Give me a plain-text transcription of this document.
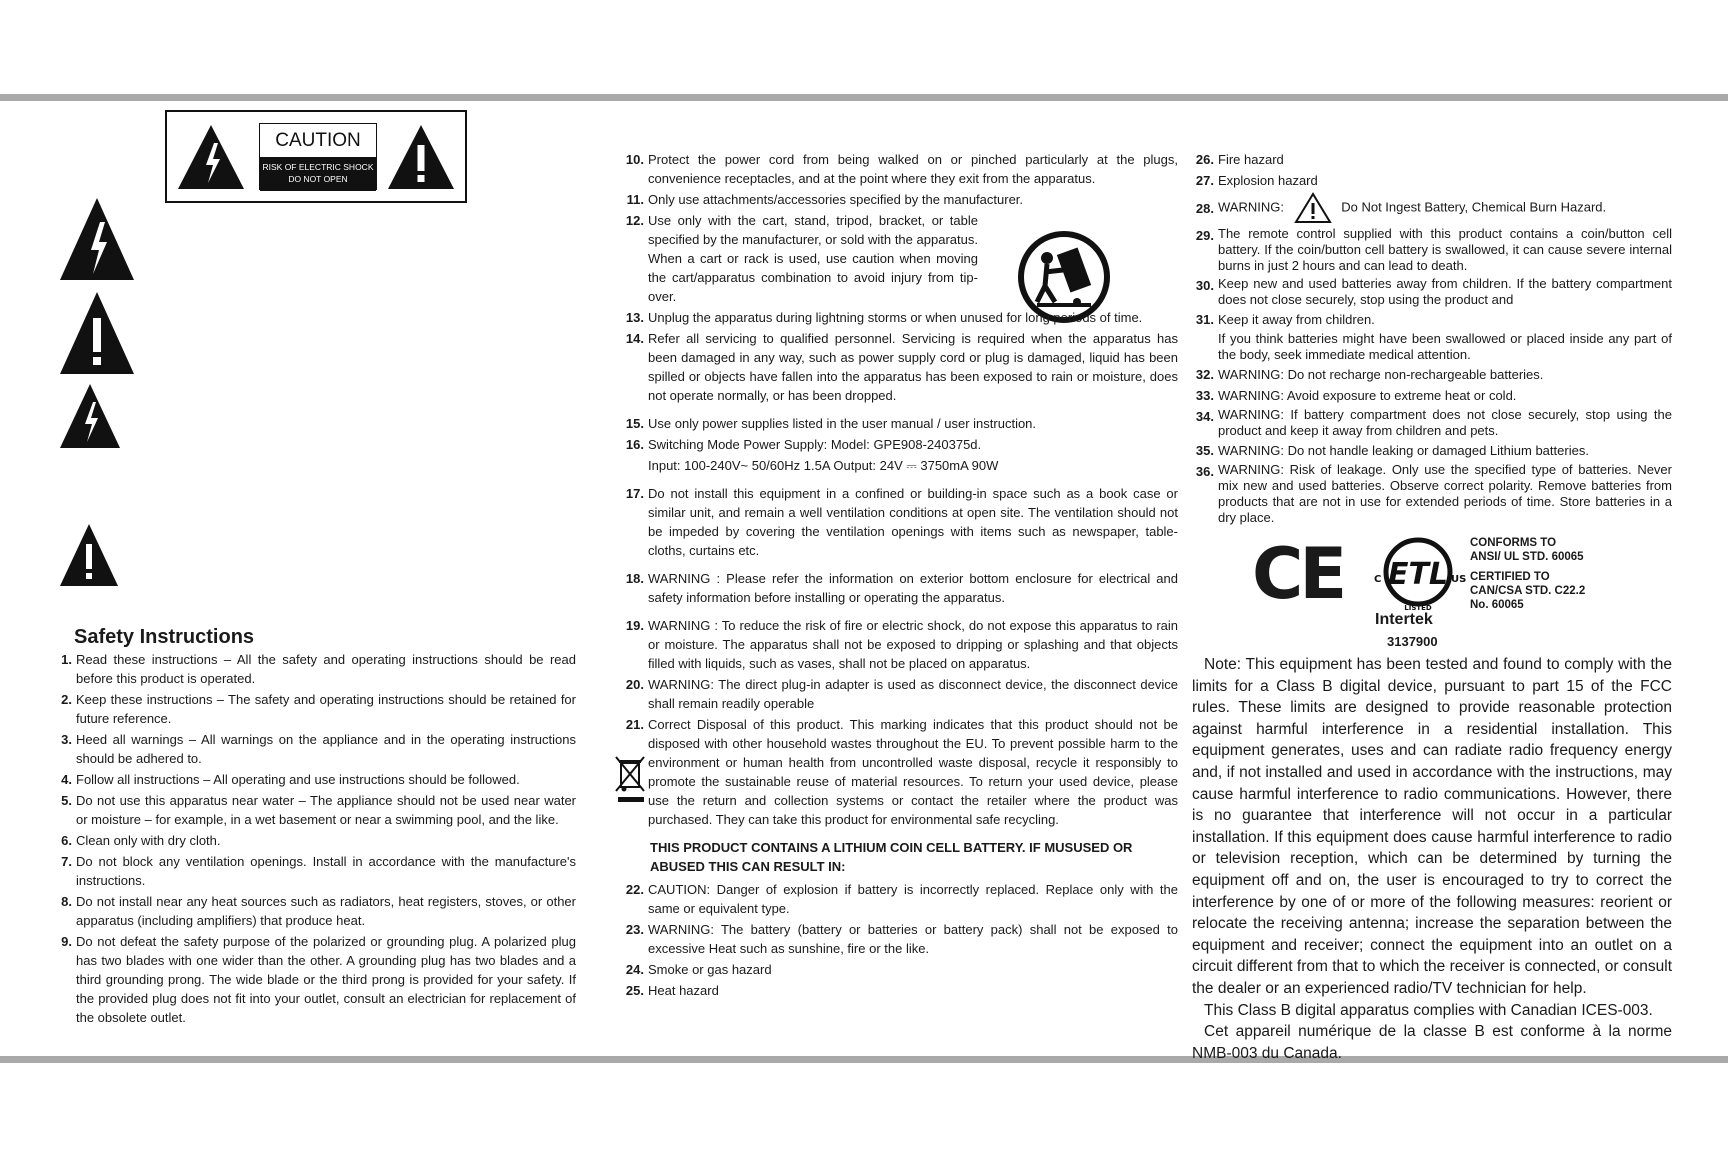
CAUTION
RISK OF ELECTRIC SHOCK
DO NOT OPEN
Safety Instructions
1. Read these instructions – All the safety and operating instructions should be read before this product is operated.
2. Keep these instructions – The safety and operating instructions should be retained for future reference.
3. Heed all warnings – All warnings on the appliance and in the operating instructions should be adhered to.
4. Follow all instructions – All operating and use instructions should be followed.
5. Do not use this apparatus near water – The appliance should not be used near water or moisture – for example, in a wet basement or near a swimming pool, and the like.
6. Clean only with dry cloth.
7. Do not block any ventilation openings. Install in accordance with the manufacture's instructions.
8. Do not install near any heat sources such as radiators, heat registers, stoves, or other apparatus (including amplifiers) that produce heat.
9. Do not defeat the safety purpose of the polarized or grounding plug. A polarized plug has two blades with one wider than the other. A grounding plug has two blades and a third grounding prong. The wide blade or the third prong is provided for your safety. If the provided plug does not fit into your outlet, consult an electrician for replacement of the obsolete outlet.
10. Protect the power cord from being walked on or pinched particularly at the plugs, convenience receptacles, and at the point where they exit from the apparatus.
11. Only use attachments/accessories specified by the manufacturer.
12. Use only with the cart, stand, tripod, bracket, or table specified by the manufacturer, or sold with the apparatus. When a cart or rack is used, use caution when moving the cart/apparatus combination to avoid injury from tip-over.
13. Unplug the apparatus during lightning storms or when unused for long periods of time.
14. Refer all servicing to qualified personnel. Servicing is required when the apparatus has been damaged in any way, such as power supply cord or plug is damaged, liquid has been spilled or objects have fallen into the apparatus has been exposed to rain or moisture, does not operate normally, or has been dropped.
15. Use only power supplies listed in the user manual / user instruction.
16. Switching Mode Power Supply: Model: GPE908-240375d.
Input: 100-240V~ 50/60Hz 1.5A Output: 24V ⎓ 3750mA 90W
17. Do not install this equipment in a confined or building-in space such as a book case or similar unit, and remain a well ventilation conditions at open site. The ventilation should not be impeded by covering the ventilation openings with items such as newspaper, table-cloths, curtains etc.
18. WARNING : Please refer the information on exterior bottom enclosure for electrical and safety information before installing or operating the apparatus.
19. WARNING : To reduce the risk of fire or electric shock, do not expose this apparatus to rain or moisture. The apparatus shall not be exposed to dripping or splashing and that objects filled with liquids, such as vases, shall not be placed on apparatus.
20. WARNING: The direct plug-in adapter is used as disconnect device, the disconnect device shall remain readily operable
21. Correct Disposal of this product. This marking indicates that this product should not be disposed with other household wastes throughout the EU. To prevent possible harm to the environment or human health from uncontrolled waste disposal, recycle it responsibly to promote the sustainable reuse of material resources. To return your used device, please use the return and collection systems or contact the retailer where the product was purchased. They can take this product for environmental safe recycling.
THIS PRODUCT CONTAINS A LITHIUM COIN CELL BATTERY. IF MUSUSED OR ABUSED THIS CAN RESULT IN:
22. CAUTION: Danger of explosion if battery is incorrectly replaced. Replace only with the same or equivalent type.
23. WARNING: The battery (battery or batteries or battery pack) shall not be exposed to excessive Heat such as sunshine, fire or the like.
24. Smoke or gas hazard
25. Heat hazard
26. Fire hazard
27. Explosion hazard
28. WARNING:	Do Not Ingest Battery, Chemical Burn Hazard.
29. The remote control supplied with this product contains a coin/button cell battery. If the coin/button cell battery is swallowed, it can cause severe internal burns in just 2 hours and can lead to death.
30. Keep new and used batteries away from children. If the battery compartment does not close securely, stop using the product and
31. Keep it away from children.
If you think batteries might have been swallowed or placed inside any part of the body, seek immediate medical attention.
32. WARNING: Do not recharge non-rechargeable batteries.
33. WARNING: Avoid exposure to extreme heat or cold.
34. WARNING: If battery compartment does not close securely, stop using the product and keep it away from children and pets.
35. WARNING: Do not handle leaking or damaged Lithium batteries.
36. WARNING: Risk of leakage. Only use the specified type of batteries. Never mix new and used batteries. Observe correct polarity. Remove batteries from products that are not in use for extended periods of time. Store batteries in a dry place.
CE ETL
C	US
LISTED
Intertek
3137900
CONFORMS TO
ANSI/ UL STD. 60065
CERTIFIED TO
CAN/CSA STD. C22.2
No. 60065

Note: This equipment has been tested and found to comply with the limits for a Class B digital device, pursuant to part 15 of the FCC rules. These limits are designed to provide reasonable protection against harmful interference in a residential installation. This equipment generates, uses and can radiate radio frequency energy and, if not installed and used in accordance with the instructions, may cause harmful interference to radio communications. However, there is no guarantee that interference will not occur in a particular installation. If this equipment does cause harmful interference to radio or television reception, which can be determined by turning the equipment off and on, the user is encouraged to try to correct the interference by one of or more of the following measures: reorient or relocate the receiving antenna; increase the separation between the equipment and receiver; connect the equipment into an outlet on a circuit different from that to which the receiver is connected, or consult the dealer or an experienced radio/TV technician for help.

This Class B digital apparatus complies with Canadian ICES-003.

Cet appareil numérique de la classe B est conforme à la norme NMB-003 du Canada.
